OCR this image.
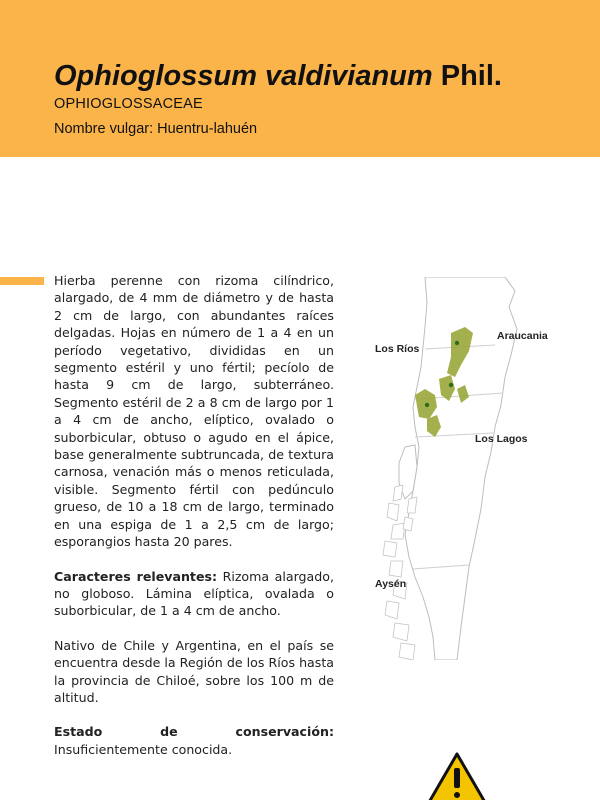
Ophioglossum valdivianum Phil.
OPHIOGLOSSACEAE
Nombre vulgar: Huentru-lahuén

Hierba perenne con rizoma cilíndrico, alargado, de 4 mm de diámetro y de hasta 2 cm de largo, con abundantes raíces delgadas. Hojas en número de 1 a 4 en un período vegetativo, divididas en un segmento estéril y uno fértil; pecíolo de hasta 9 cm de largo, subterráneo. Segmento estéril de 2 a 8 cm de largo por 1 a 4 cm de ancho, elíptico, ovalado o suborbicular, obtuso o agudo en el ápice, base generalmente subtruncada, de textura carnosa, venación más o menos reticulada, visible. Segmento fértil con pedúnculo grueso, de 10 a 18 cm de largo, terminado en una espiga de 1 a 2,5 cm de largo; esporangios hasta 20 pares.

Caracteres relevantes: Rizoma alargado, no globoso. Lámina elíptica, ovalada o suborbicular, de 1 a 4 cm de ancho.

Nativo de Chile y Argentina, en el país se encuentra desde la Región de los Ríos hasta la provincia de Chiloé, sobre los 100 m de altitud.

Estado de conservación: Insuficientemente conocida.

Araucania
Los Ríos
Los Lagos
Aysén
